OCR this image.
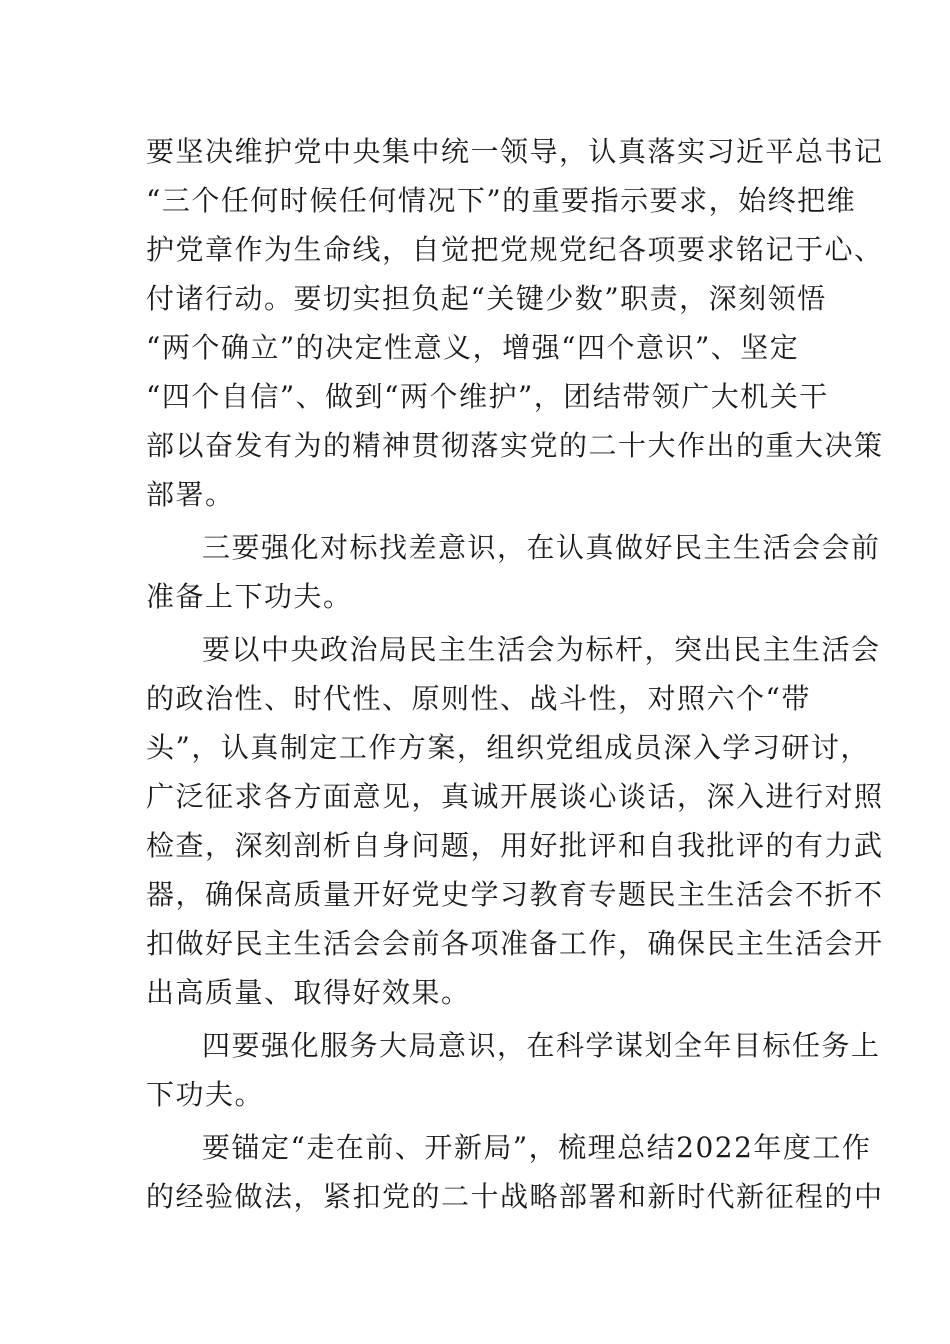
要坚决维护党中央集中统一领导，认真落实习近平总书记

“三个任何时候任何情况下”的重要指示要求，始终把维

护党章作为生命线，自觉把党规党纪各项要求铭记于心、

付诸行动。要切实担负起“关键少数”职责，深刻领悟

“两个确立”的决定性意义，增强“四个意识”、坚定

“四个自信”、做到“两个维护”，团结带领广大机关干

部以奋发有为的精神贯彻落实党的二十大作出的重大决策

部署。

三要强化对标找差意识，在认真做好民主生活会会前

准备上下功夫。

要以中央政治局民主生活会为标杆，突出民主生活会

的政治性、时代性、原则性、战斗性，对照六个“带

头”，认真制定工作方案，组织党组成员深入学习研讨，

广泛征求各方面意见，真诚开展谈心谈话，深入进行对照

检查，深刻剖析自身问题，用好批评和自我批评的有力武

器，确保高质量开好党史学习教育专题民主生活会不折不

扣做好民主生活会会前各项准备工作，确保民主生活会开

出高质量、取得好效果。

四要强化服务大局意识，在科学谋划全年目标任务上

下功夫。

要锚定“走在前、开新局”，梳理总结2022年度工作

的经验做法，紧扣党的二十战略部署和新时代新征程的中
